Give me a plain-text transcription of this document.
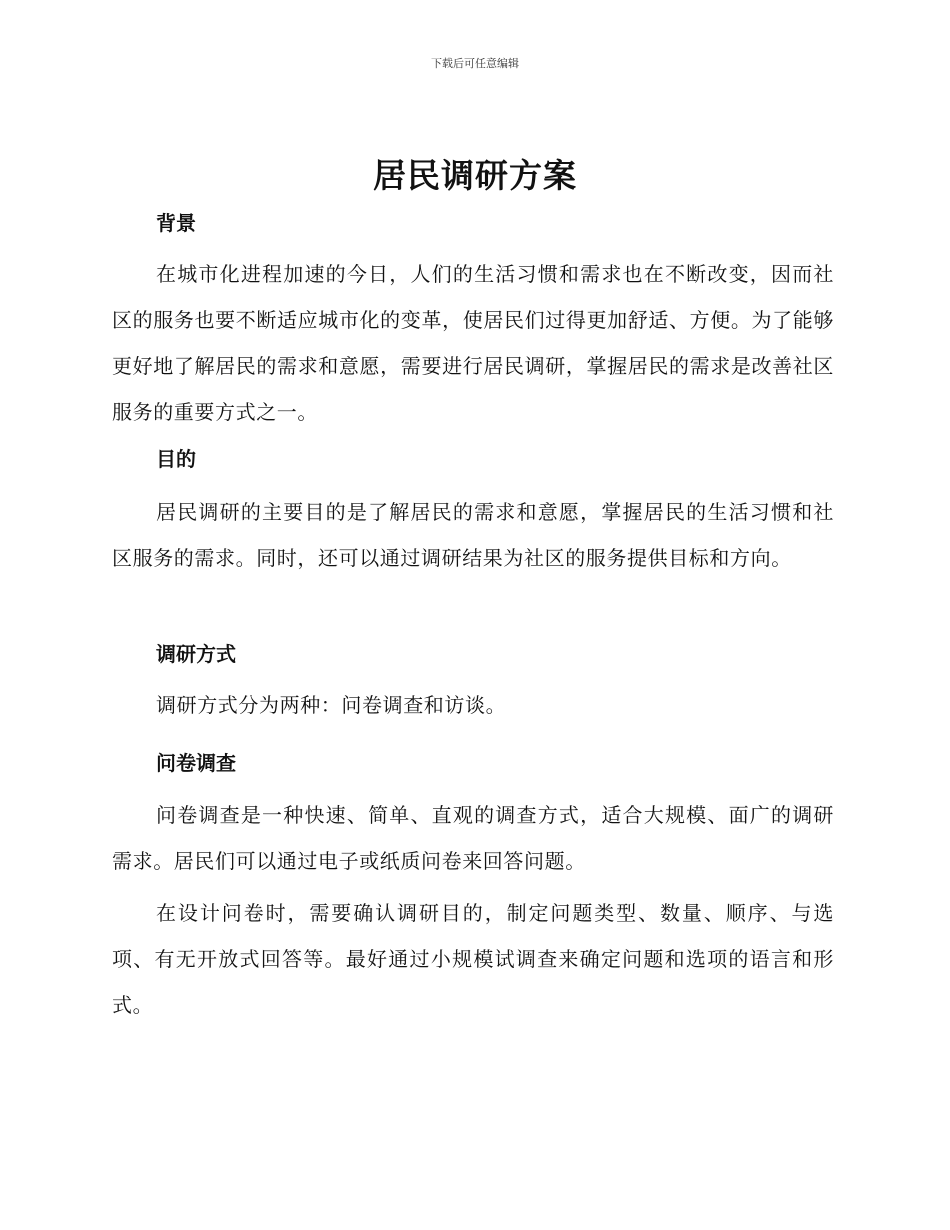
下载后可任意编辑
居民调研方案
背景

在城市化进程加速的今日，人们的生活习惯和需求也在不断改变，因而社区的服务也要不断适应城市化的变革，使居民们过得更加舒适、方便。为了能够更好地了解居民的需求和意愿，需要进行居民调研，掌握居民的需求是改善社区服务的重要方式之一。

目的

居民调研的主要目的是了解居民的需求和意愿，掌握居民的生活习惯和社区服务的需求。同时，还可以通过调研结果为社区的服务提供目标和方向。

调研方式

调研方式分为两种：问卷调查和访谈。

问卷调查

问卷调查是一种快速、简单、直观的调查方式，适合大规模、面广的调研需求。居民们可以通过电子或纸质问卷来回答问题。

在设计问卷时，需要确认调研目的，制定问题类型、数量、顺序、与选项、有无开放式回答等。最好通过小规模试调查来确定问题和选项的语言和形式。
